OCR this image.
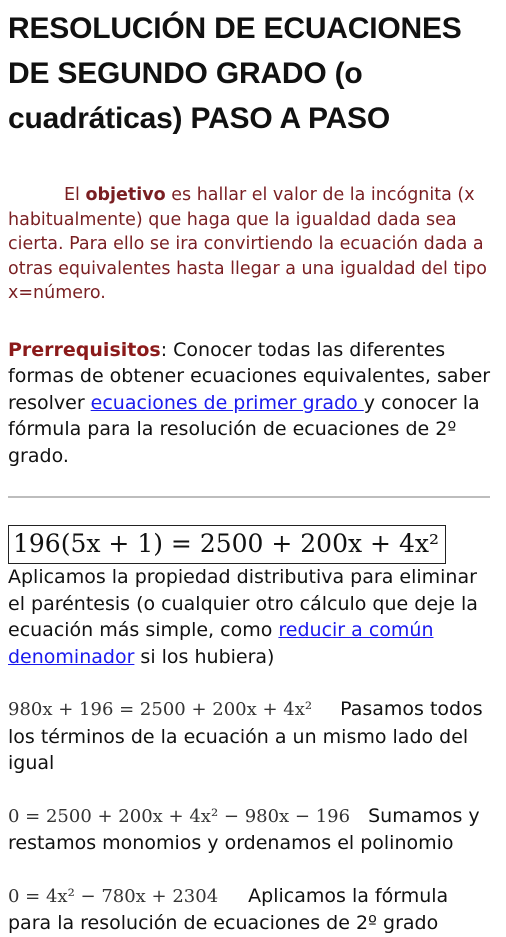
RESOLUCIÓN DE ECUACIONES DE SEGUNDO GRADO (o cuadráticas) PASO A PASO

El objetivo es hallar el valor de la incógnita (x habitualmente) que haga que la igualdad dada sea cierta. Para ello se ira convirtiendo la ecuación dada a otras equivalentes hasta llegar a una igualdad del tipo x=número.

Prerrequisitos: Conocer todas las diferentes formas de obtener ecuaciones equivalentes, saber resolver ecuaciones de primer grado y conocer la fórmula para la resolución de ecuaciones de 2º grado.

196(5x + 1) = 2500 + 200x + 4x²

Aplicamos la propiedad distributiva para eliminar el paréntesis (o cualquier otro cálculo que deje la ecuación más simple, como reducir a común denominador si los hubiera)

980x + 196 = 2500 + 200x + 4x² Pasamos todos los términos de la ecuación a un mismo lado del igual

0 = 2500 + 200x + 4x² − 980x − 196 Sumamos y restamos monomios y ordenamos el polinomio

0 = 4x² − 780x + 2304 Aplicamos la fórmula para la resolución de ecuaciones de 2º grado
